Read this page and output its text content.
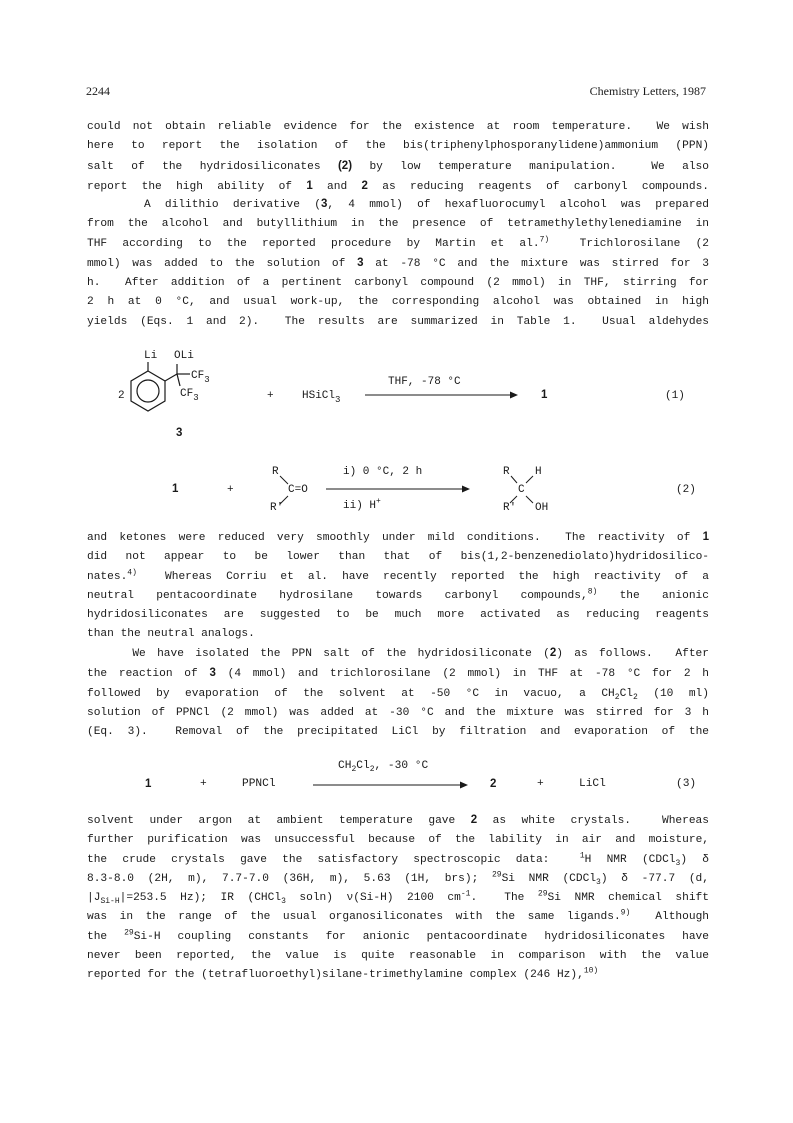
2244	Chemistry Letters, 1987
could not obtain reliable evidence for the existence at room temperature.  We wish
here to report the isolation of the bis(triphenylphosporanylidene)ammonium (PPN)
salt of the hydridosiliconates (2) by low temperature manipulation.  We also
report the high ability of 1 and 2 as reducing reagents of carbonyl compounds.
A dilithio derivative (3, 4 mmol) of hexafluorocumyl alcohol was prepared
from the alcohol and butyllithium in the presence of tetramethylethylenediamine in
THF according to the reported procedure by Martin et al.$^{7)}$  Trichlorosilane (2
mmol) was added to the solution of 3 at -78 °C and the mixture was stirred for 3
h.  After addition of a pertinent carbonyl compound (2 mmol) in THF, stirring for
2 h at 0 °C, and usual work-up, the corresponding alcohol was obtained in high
yields (Eqs. 1 and 2).  The results are summarized in Table 1.  Usual aldehydes
2
Li OLi
$CF_3$
$CF_3$
3
+	HSiCl$_3$
THF, -78 °C
1	(1)
1	+
R
C=O
R'
i) 0 °C, 2 h
ii) H+
R H
C
R' OH
(2)
and ketones were reduced very smoothly under mild conditions.  The reactivity of 1
did not appear to be lower than that of bis(1,2-benzenediolato)hydridosilico-
nates.$^{4)}$  Whereas Corriu et al. have recently reported the high reactivity of a
neutral pentacoordinate hydrosilane towards carbonyl compounds,$^{8)}$ the anionic
hydridosiliconates are suggested to be much more activated as reducing reagents
than the neutral analogs.
We have isolated the PPN salt of the hydridosiliconate (2) as follows.  After
the reaction of 3 (4 mmol) and trichlorosilane (2 mmol) in THF at -78 °C for 2 h
followed by evaporation of the solvent at -50 °C in vacuo, a $CH_2Cl_2$ (10 ml)
solution of PPNCl (2 mmol) was added at -30 °C and the mixture was stirred for 3 h
(Eq. 3).  Removal of the precipitated LiCl by filtration and evaporation of the
1	+	PPNCl
$CH_2Cl_2$, -30 °C
2	+	LiCl	(3)
solvent under argon at ambient temperature gave 2 as white crystals.  Whereas
further purification was unsuccessful because of the lability in air and moisture,
the crude crystals gave the satisfactory spectroscopic data:  $^1$H NMR (CDCl$_3$) δ
8.3-8.0 (2H, m), 7.7-7.0 (36H, m), 5.63 (1H, brs); $^{29}$Si NMR (CDCl$_3$) δ -77.7 (d,
$|J_{Si-H}|=253.5$ Hz); IR (CHCl$_3$ soln) ν(Si-H) 2100 $cm^{-1}$.  The $^{29}$Si NMR chemical shift
was in the range of the usual organosiliconates with the same ligands.$^{9)}$  Although
the $^{29}$Si-H coupling constants for anionic pentacoordinate hydridosiliconates have
never been reported, the value is quite reasonable in comparison with the value
reported for the (tetrafluoroethyl)silane-trimethylamine complex (246 Hz),$^{10)}$
